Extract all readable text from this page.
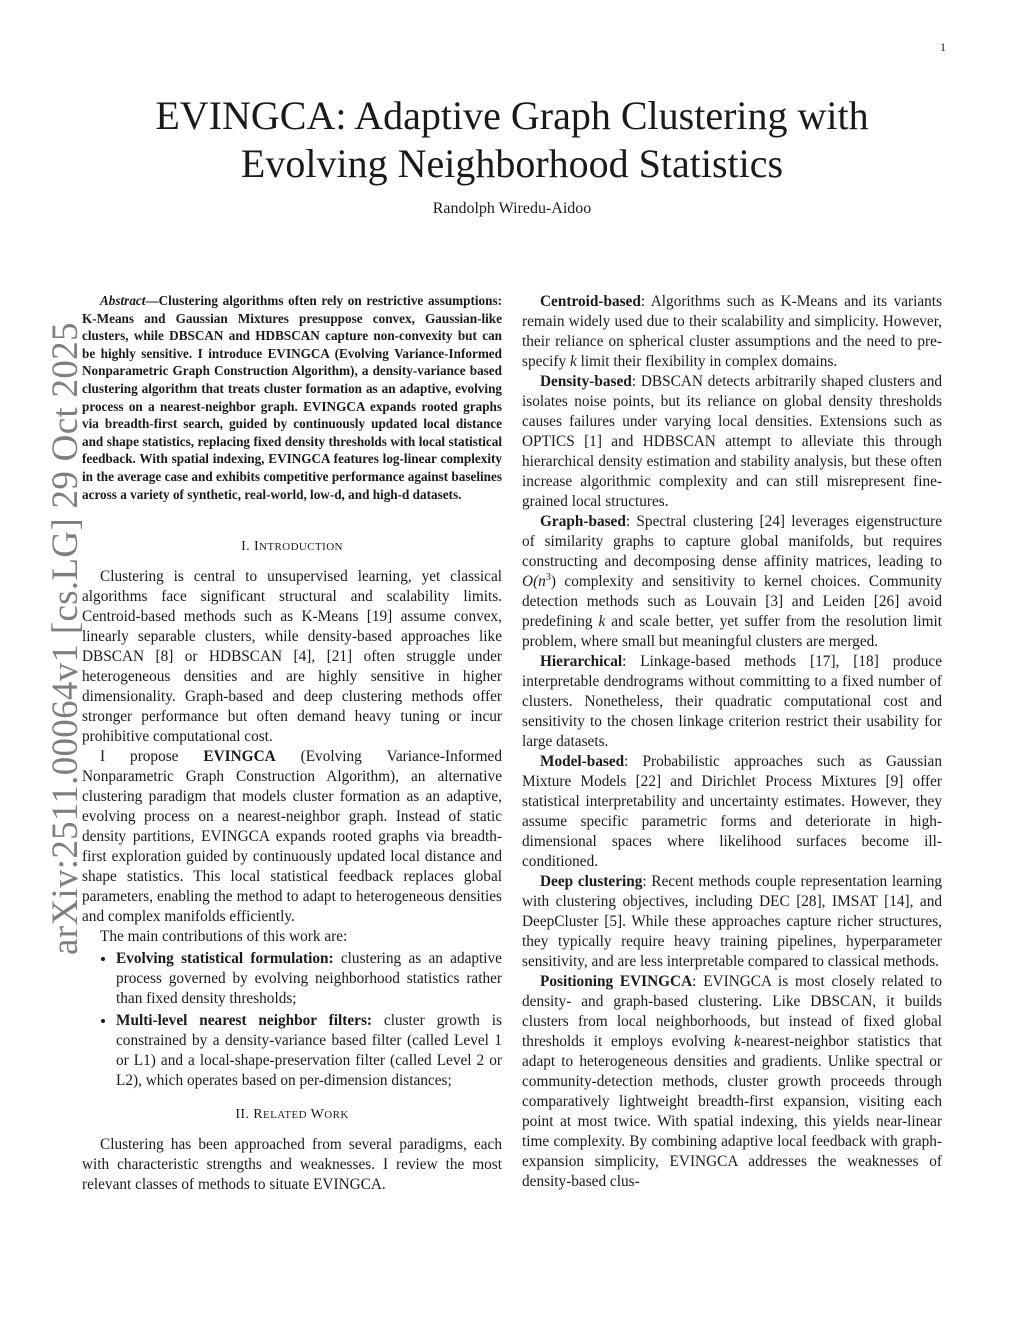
1
arXiv:2511.00064v1 [cs.LG] 29 Oct 2025
EVINGCA: Adaptive Graph Clustering with
Evolving Neighborhood Statistics
Randolph Wiredu-Aidoo

Abstract—Clustering algorithms often rely on restrictive assumptions: K-Means and Gaussian Mixtures presuppose convex, Gaussian-like clusters, while DBSCAN and HDBSCAN capture non-convexity but can be highly sensitive. I introduce EVINGCA (Evolving Variance-Informed Nonparametric Graph Construction Algorithm), a density-variance based clustering algorithm that treats cluster formation as an adaptive, evolving process on a nearest-neighbor graph. EVINGCA expands rooted graphs via breadth-first search, guided by continuously updated local distance and shape statistics, replacing fixed density thresholds with local statistical feedback. With spatial indexing, EVINGCA features log-linear complexity in the average case and exhibits competitive performance against baselines across a variety of synthetic, real-world, low-d, and high-d datasets.

I. INTRODUCTION

Clustering is central to unsupervised learning, yet classical algorithms face significant structural and scalability limits. Centroid-based methods such as K-Means [19] assume convex, linearly separable clusters, while density-based approaches like DBSCAN [8] or HDBSCAN [4], [21] often struggle under heterogeneous densities and are highly sensitive in higher dimensionality. Graph-based and deep clustering methods offer stronger performance but often demand heavy tuning or incur prohibitive computational cost.

I propose EVINGCA (Evolving Variance-Informed Nonparametric Graph Construction Algorithm), an alternative clustering paradigm that models cluster formation as an adaptive, evolving process on a nearest-neighbor graph. Instead of static density partitions, EVINGCA expands rooted graphs via breadth-first exploration guided by continuously updated local distance and shape statistics. This local statistical feedback replaces global parameters, enabling the method to adapt to heterogeneous densities and complex manifolds efficiently.

The main contributions of this work are:

• Evolving statistical formulation: clustering as an adaptive process governed by evolving neighborhood statistics rather than fixed density thresholds;
• Multi-level nearest neighbor filters: cluster growth is constrained by a density-variance based filter (called Level 1 or L1) and a local-shape-preservation filter (called Level 2 or L2), which operates based on per-dimension distances;
II. RELATED WORK

Clustering has been approached from several paradigms, each with characteristic strengths and weaknesses. I review the most relevant classes of methods to situate EVINGCA.

Centroid-based: Algorithms such as K-Means and its variants remain widely used due to their scalability and simplicity. However, their reliance on spherical cluster assumptions and the need to pre-specify k limit their flexibility in complex domains.

Density-based: DBSCAN detects arbitrarily shaped clusters and isolates noise points, but its reliance on global density thresholds causes failures under varying local densities. Extensions such as OPTICS [1] and HDBSCAN attempt to alleviate this through hierarchical density estimation and stability analysis, but these often increase algorithmic complexity and can still misrepresent fine-grained local structures.

Graph-based: Spectral clustering [24] leverages eigenstructure of similarity graphs to capture global manifolds, but requires constructing and decomposing dense affinity matrices, leading to $O(n^3)$ complexity and sensitivity to kernel choices. Community detection methods such as Louvain [3] and Leiden [26] avoid predefining k and scale better, yet suffer from the resolution limit problem, where small but meaningful clusters are merged.

Hierarchical: Linkage-based methods [17], [18] produce interpretable dendrograms without committing to a fixed number of clusters. Nonetheless, their quadratic computational cost and sensitivity to the chosen linkage criterion restrict their usability for large datasets.

Model-based: Probabilistic approaches such as Gaussian Mixture Models [22] and Dirichlet Process Mixtures [9] offer statistical interpretability and uncertainty estimates. However, they assume specific parametric forms and deteriorate in high-dimensional spaces where likelihood surfaces become ill-conditioned.

Deep clustering: Recent methods couple representation learning with clustering objectives, including DEC [28], IMSAT [14], and DeepCluster [5]. While these approaches capture richer structures, they typically require heavy training pipelines, hyperparameter sensitivity, and are less interpretable compared to classical methods.

Positioning EVINGCA: EVINGCA is most closely related to density- and graph-based clustering. Like DBSCAN, it builds clusters from local neighborhoods, but instead of fixed global thresholds it employs evolving k-nearest-neighbor statistics that adapt to heterogeneous densities and gradients. Unlike spectral or community-detection methods, cluster growth proceeds through comparatively lightweight breadth-first expansion, visiting each point at most twice. With spatial indexing, this yields near-linear time complexity. By combining adaptive local feedback with graph-expansion simplicity, EVINGCA addresses the weaknesses of density-based clus-
